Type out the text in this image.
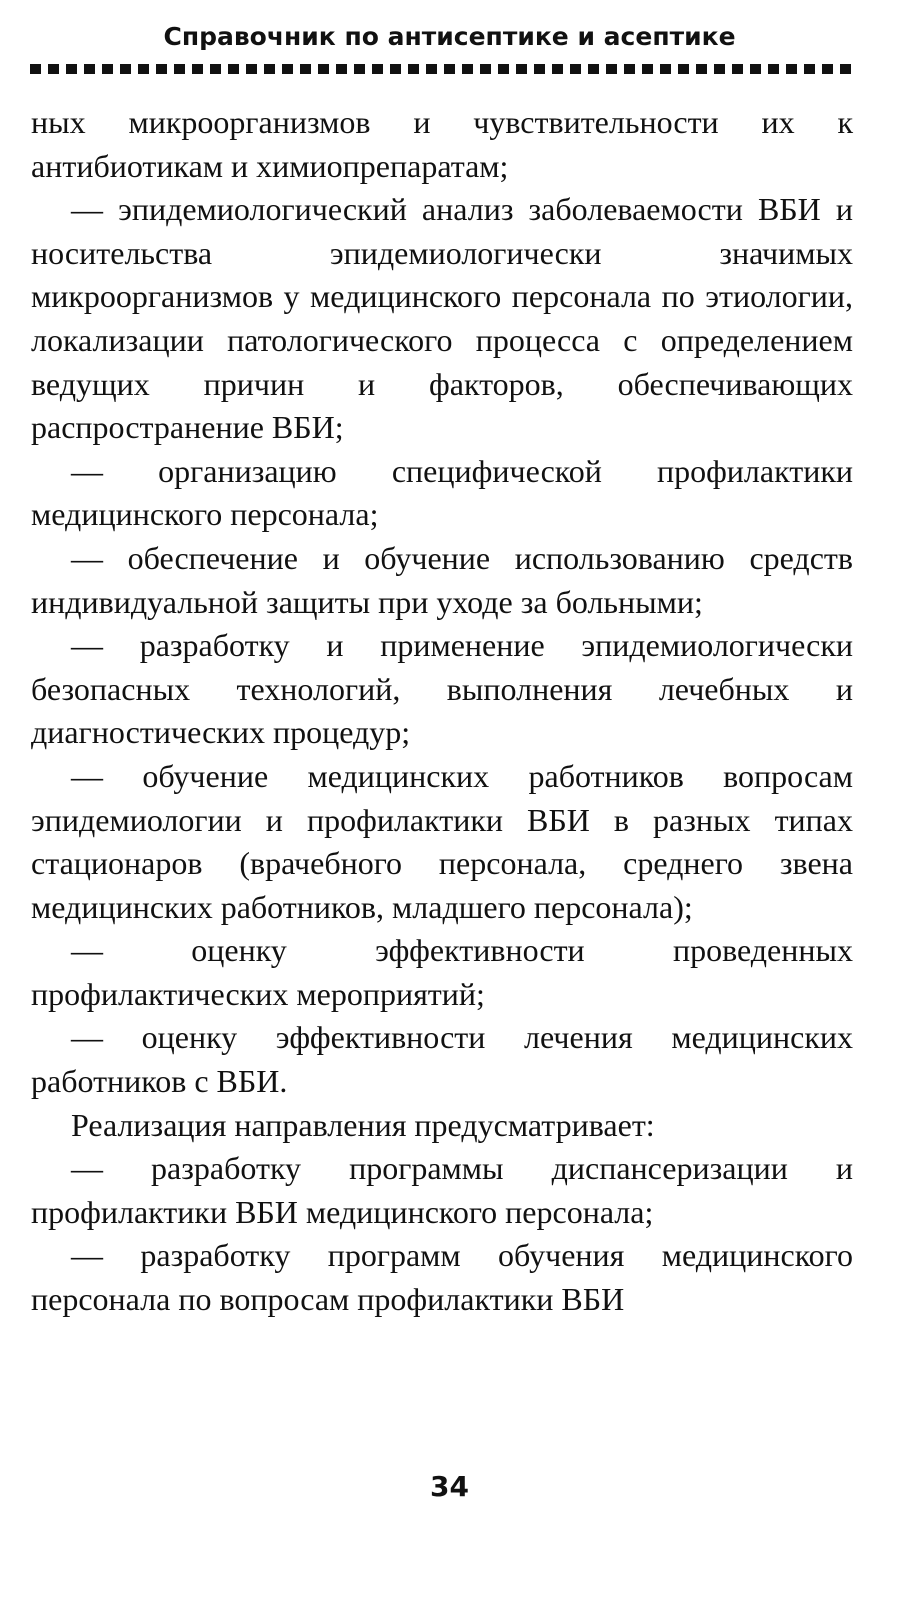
Справочник по антисептике и асептике

ных микроорганизмов и чувствительности их к антибиотикам и химиопрепаратам;

— эпидемиологический анализ заболеваемости ВБИ и носительства эпидемиологически значимых микроорганизмов у медицинского персонала по этиологии, локализации патологического процесса с определением ведущих причин и факторов, обеспечивающих распространение ВБИ;

— организацию специфической профилактики медицинского персонала;

— обеспечение и обучение использованию средств индивидуальной защиты при уходе за больными;

— разработку и применение эпидемиологически безопасных технологий, выполнения лечебных и диагностических процедур;

— обучение медицинских работников вопросам эпидемиологии и профилактики ВБИ в разных типах стационаров (врачебного персонала, среднего звена медицинских работников, младшего персонала);

— оценку эффективности проведенных профилактических мероприятий;

— оценку эффективности лечения медицинских работников с ВБИ.

Реализация направления предусматривает:

— разработку программы диспансеризации и профилактики ВБИ медицинского персонала;

— разработку программ обучения медицинского персонала по вопросам профилактики ВБИ

34
